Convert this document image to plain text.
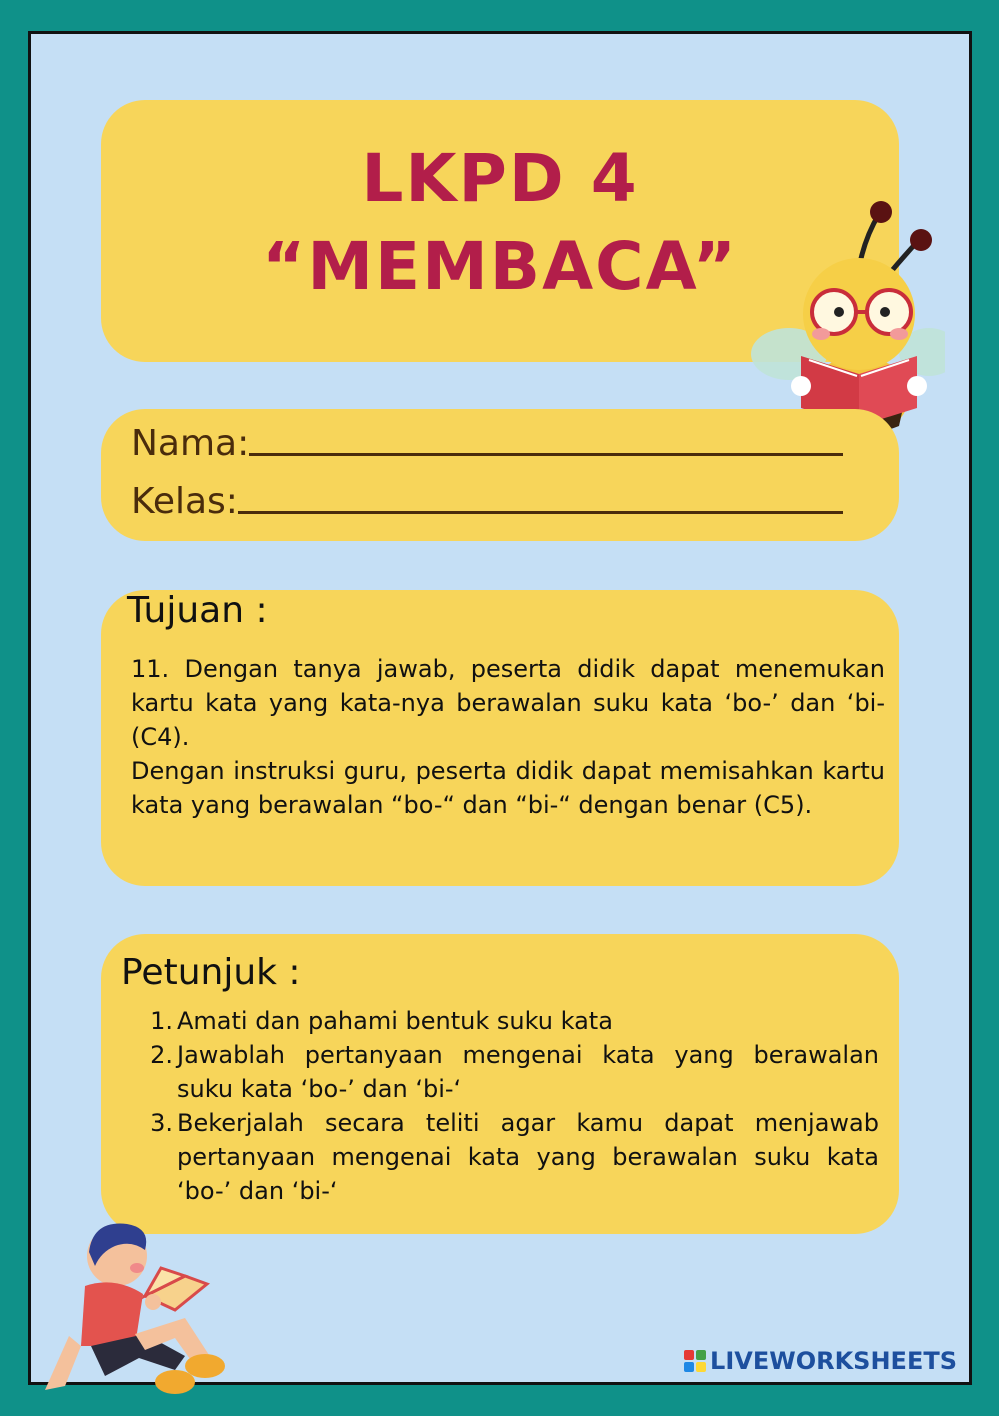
LKPD 4
“MEMBACA”
Nama:
Kelas:

11. Dengan tanya jawab, peserta didik dapat menemukan kartu kata yang kata-nya berawalan suku kata ‘bo-’ dan ‘bi- (C4).

Dengan instruksi guru, peserta didik dapat memisahkan kartu kata yang berawalan “bo-“ dan “bi-“ dengan benar (C5).

Tujuan :
1. Amati dan pahami bentuk suku kata
2. Jawablah pertanyaan mengenai kata yang berawalan suku kata ‘bo-’ dan ‘bi-‘
3. Bekerjalah secara teliti agar kamu dapat menjawab pertanyaan mengenai kata yang berawalan suku kata ‘bo-’ dan ‘bi-‘
Petunjuk :
LIVEWORKSHEETS
